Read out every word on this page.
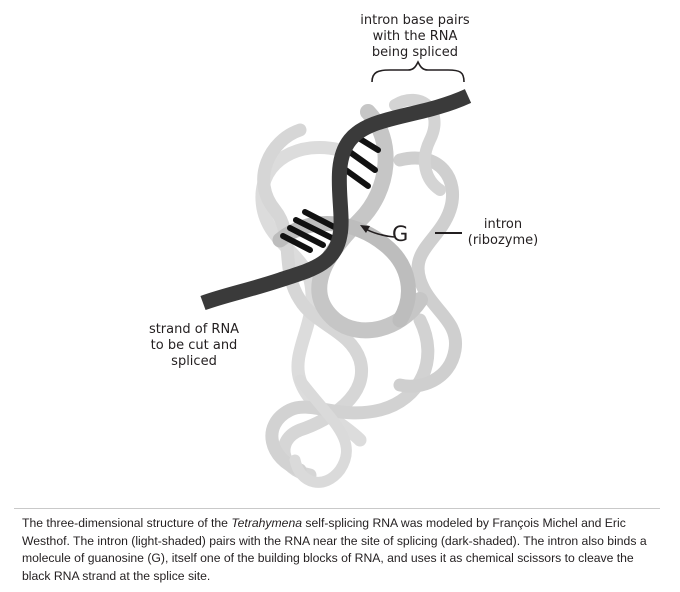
intron base pairs
with the RNA
being spliced
intron
(ribozyme)
strand of RNA
to be cut and
spliced
G
The three-dimensional structure of the Tetrahymena self-splicing RNA was modeled by François Michel and Eric Westhof. The intron (light-shaded) pairs with the RNA near the site of splicing (dark-shaded). The intron also binds a molecule of guanosine (G), itself one of the building blocks of RNA, and uses it as chemical scissors to cleave the black RNA strand at the splice site.
